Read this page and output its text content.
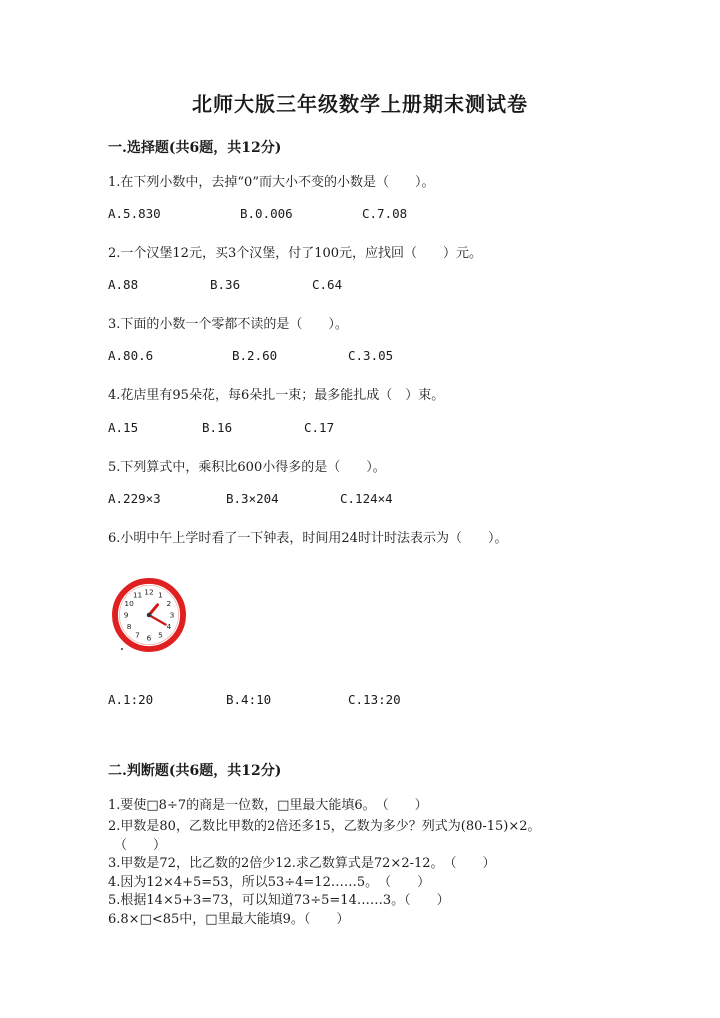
北师大版三年级数学上册期末测试卷
一.选择题(共6题，共12分)
1.在下列小数中，去掉“0”而大小不变的小数是（　　）。
A.5.830	B.0.006	C.7.08
2.一个汉堡12元，买3个汉堡，付了100元，应找回（　　）元。
A.88	B.36	C.64
3.下面的小数一个零都不读的是（　　）。
A.80.6	B.2.60	C.3.05
4.花店里有95朵花，每6朵扎一束；最多能扎成（　）束。
A.15	B.16	C.17
5.下列算式中，乘积比600小得多的是（　　）。
A.229×3	B.3×204	C.124×4
6.小明中午上学时看了一下钟表，时间用24时计时法表示为（　　）。
12 1
2
3
4
5
6
7
8
9
10
11
A.1:20	B.4:10	C.13:20
二.判断题(共6题，共12分)
1.要使□8÷7的商是一位数，□里最大能填6。　（　　）
2.甲数是80，乙数比甲数的2倍还多15，乙数为多少？列式为(80-15)×2。
（　　）
3.甲数是72，比乙数的2倍少12.求乙数算式是72×2-12。　（　　）
4.因为12×4+5=53，所以53÷4=12……5。　（　　）
5.根据14×5+3=73，可以知道73÷5=14……3。（　　）
6.8×□<85中，□里最大能填9。（　　）
